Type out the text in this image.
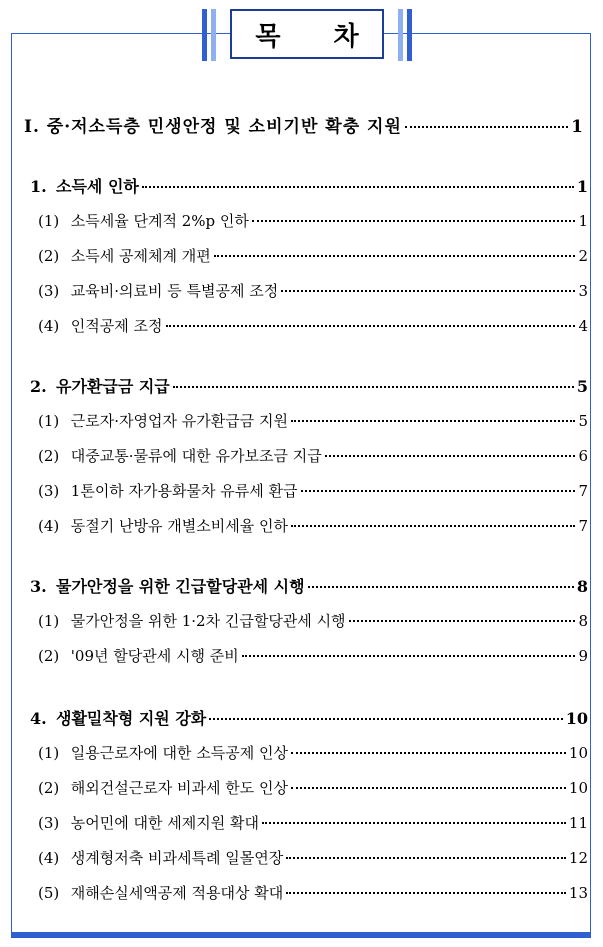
목 차
Ⅰ. 중·저소득층 민생안정 및 소비기반 확충 지원	1
1. 소득세 인하	1
(1) 소득세율 단계적 2%p 인하	1
(2) 소득세 공제체계 개편	2
(3) 교육비·의료비 등 특별공제 조정	3
(4) 인적공제 조정	4
2. 유가환급금 지급	5
(1) 근로자·자영업자 유가환급금 지원	5
(2) 대중교통·물류에 대한 유가보조금 지급	6
(3) 1톤이하 자가용화물차 유류세 환급	7
(4) 동절기 난방유 개별소비세율 인하	7
3. 물가안정을 위한 긴급할당관세 시행	8
(1) 물가안정을 위한 1·2차 긴급할당관세 시행	8
(2) '09년 할당관세 시행 준비	9
4. 생활밀착형 지원 강화	10
(1) 일용근로자에 대한 소득공제 인상	10
(2) 해외건설근로자 비과세 한도 인상	10
(3) 농어민에 대한 세제지원 확대	11
(4) 생계형저축 비과세특례 일몰연장	12
(5) 재해손실세액공제 적용대상 확대	13
